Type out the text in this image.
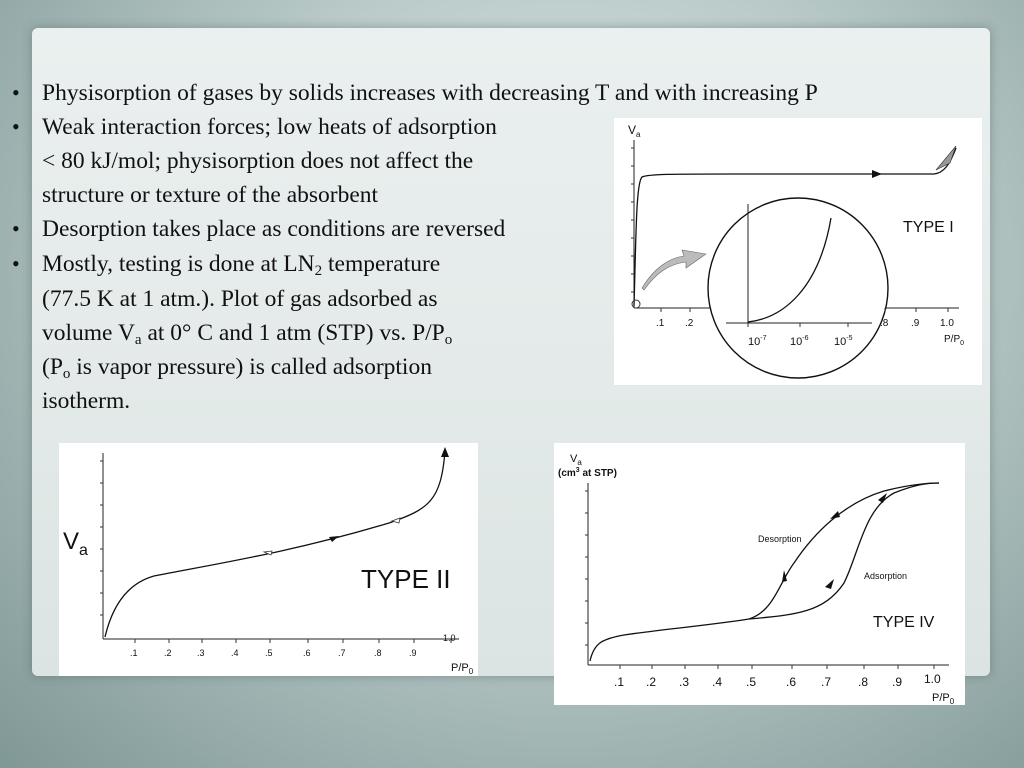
• Physisorption of gases by solids increases with decreasing T and with increasing P
• Weak interaction forces; low heats of adsorption
< 80 kJ/mol; physisorption does not affect the
structure or texture of the absorbent
• Desorption takes place as conditions are reversed
• Mostly, testing is done at $LN_2$ temperature
(77.5 K at 1 atm.). Plot of gas adsorbed as
volume $V_a$ at 0° C and 1 atm (STP) vs. $P/P_o$
($P_o$ is vapor pressure) is called adsorption
isotherm.
$V_a$
$10^{-7}$ $10^{-6}$ $10^{-5}$
TYPE I
.1 .2	.8 .9 1.0
$P/P_0$
$V_a$
TYPE II
.1	.2	.3	.4	.5	.6	.7	.8	.9
1.0
$P/P_0$
$V_a$
($cm^3$ at STP)
Desorption
Adsorption
TYPE IV
.1 .2 .3 .4 .5 .6 .7 .8 .9 1.0
$P/P_0$
